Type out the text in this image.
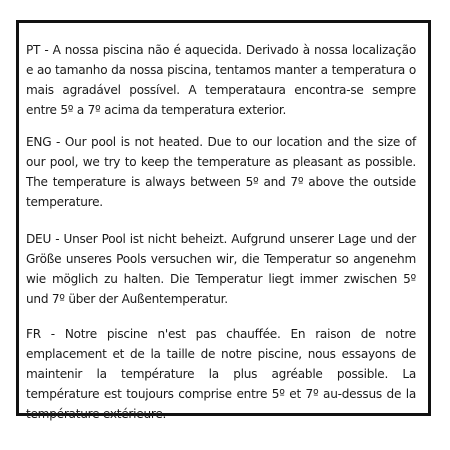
PT - A nossa piscina não é aquecida. Derivado à nossa localização e ao tamanho da nossa piscina, tentamos manter a temperatura o mais agradável possível. A temperataura encontra-se sempre entre 5º a 7º acima da temperatura exterior.

ENG - Our pool is not heated. Due to our location and the size of our pool, we try to keep the temperature as pleasant as possible. The temperature is always between 5º and 7º above the outside temperature.

DEU - Unser Pool ist nicht beheizt. Aufgrund unserer Lage und der Größe unseres Pools versuchen wir, die Temperatur so angenehm wie möglich zu halten. Die Temperatur liegt immer zwischen 5º und 7º über der Außentemperatur.

FR - Notre piscine n'est pas chauffée. En raison de notre emplacement et de la taille de notre piscine, nous essayons de maintenir la température la plus agréable possible. La température est toujours comprise entre 5º et 7º au-dessus de la température extérieure.
